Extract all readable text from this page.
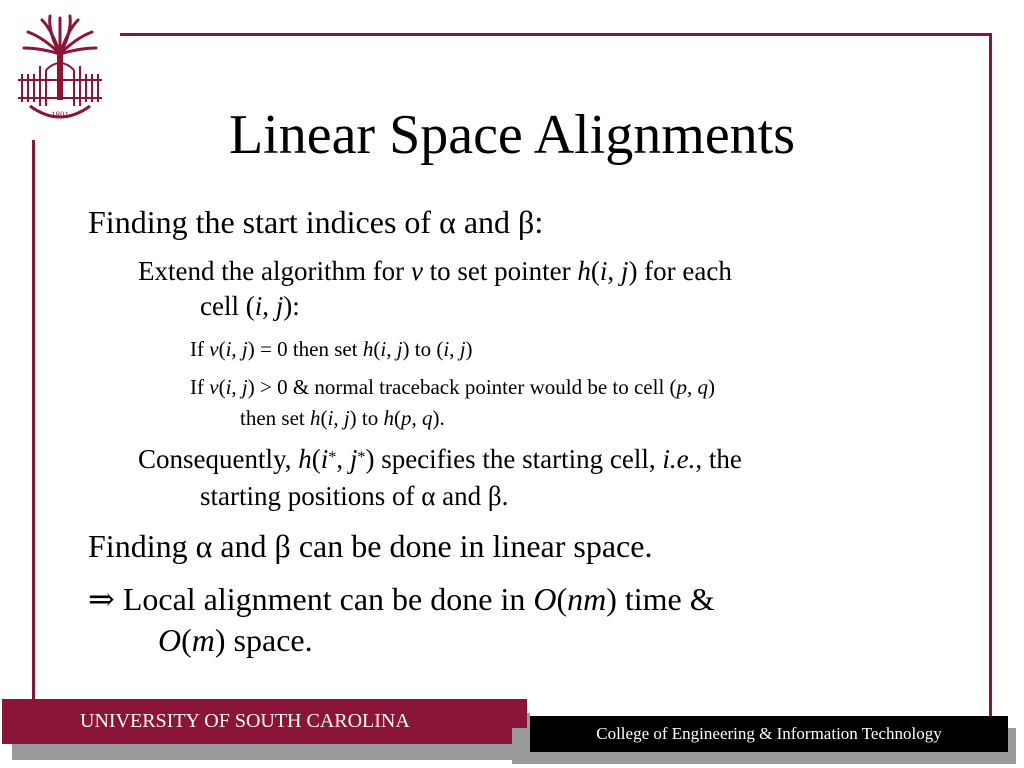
1801	Linear Space Alignments
Finding the start indices of α and β:
Extend the algorithm for v to set pointer h(i, j) for each
cell (i, j):
If v(i, j) = 0 then set h(i, j) to (i, j)
If v(i, j) > 0 & normal traceback pointer would be to cell (p, q)
then set h(i, j) to h(p, q).
Consequently, h(i*, j*) specifies the starting cell, i.e., the
starting positions of α and β.
Finding α and β can be done in linear space.
⇒ Local alignment can be done in O(nm) time &
O(m) space.
UNIVERSITY OF SOUTH CAROLINA
College of Engineering & Information Technology
